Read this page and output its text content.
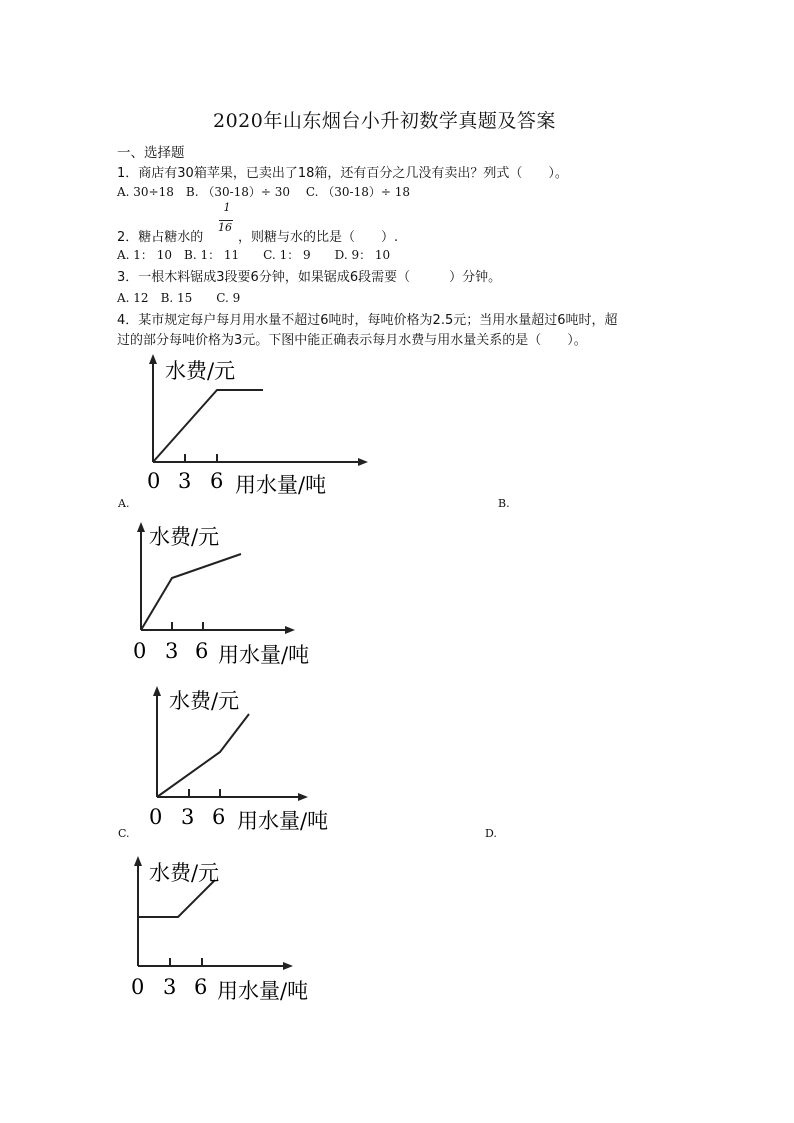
2020年山东烟台小升初数学真题及答案
一、选择题
1．商店有30箱苹果，已卖出了18箱，还有百分之几没有卖出？列式（　　）。
A. 30÷18　B. （30-18）÷ 30　 C. （30-18）÷ 18
2．糖占糖水的
1
16
，则糖与水的比是（　　）.
A. 1： 10　B. 1： 11　　C. 1： 9　　D. 9： 10
3．一根木料锯成3段要6分钟，如果锯成6段需要（　　　）分钟。
A. 12　B. 15　　C. 9
4．某市规定每户每月用水量不超过6吨时，每吨价格为2.5元；当用水量超过6吨时，超
过的部分每吨价格为3元。下图中能正确表示每月水费与用水量关系的是（　　）。
A.	B.
C.	D.
水费/元
0 3 6 用水量/吨
水费/元
0 3 6 用水量/吨
水费/元
0 3 6 用水量/吨
水费/元
0 3 6 用水量/吨
